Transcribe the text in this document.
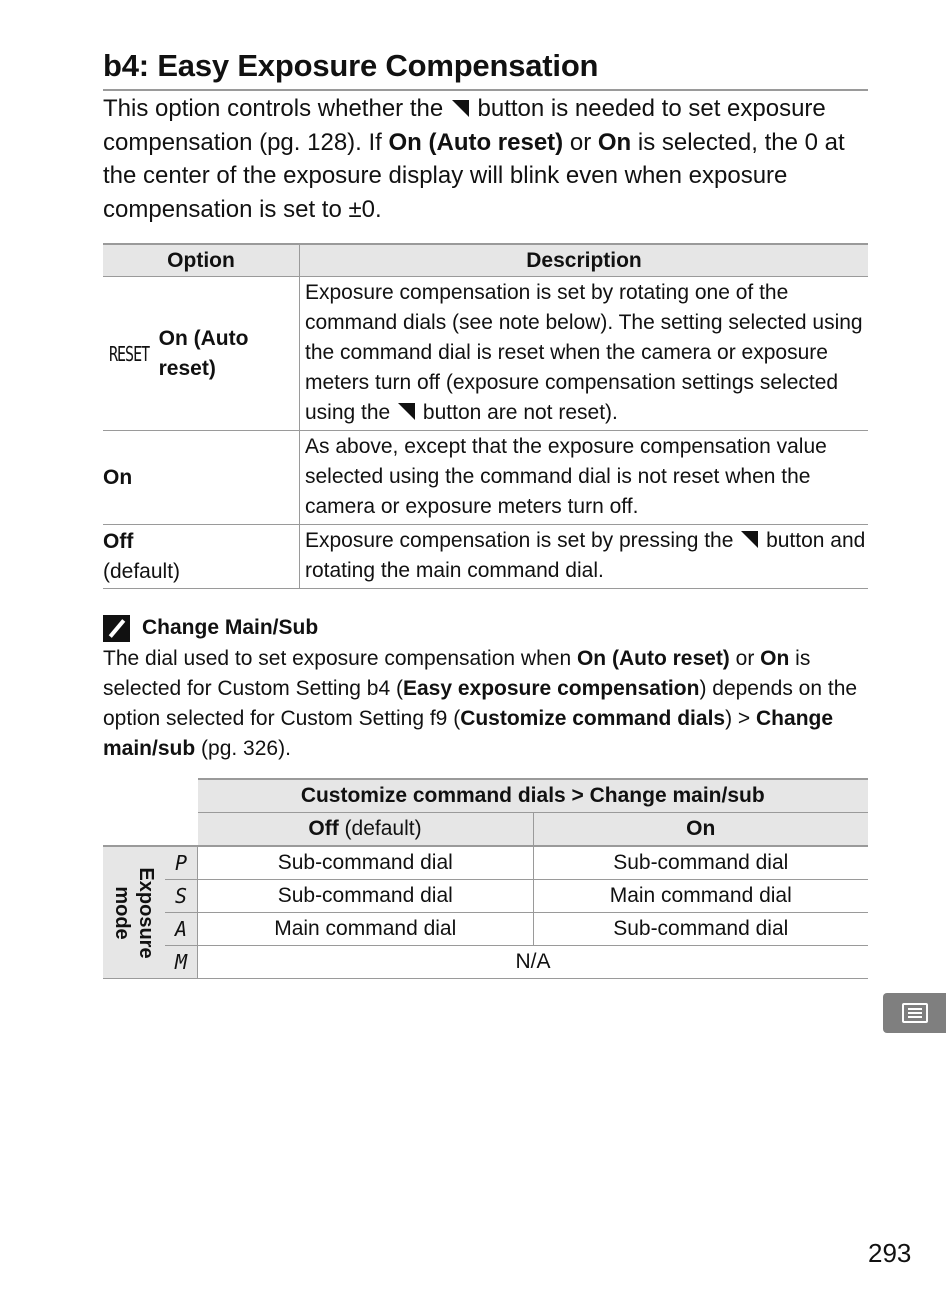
b4: Easy Exposure Compensation

This option controls whether the ± button is needed to set exposure compensation (pg. 128). If On (Auto reset) or On is selected, the 0 at the center of the exposure display will blink even when exposure compensation is set to ±0.

Option	Description

RESET
On (Auto reset)	Exposure compensation is set by rotating one of the command dials (see note below). The setting selected using the command dial is reset when the camera or exposure meters turn off (exposure compensation settings selected using the ± button are not reset).
On	As above, except that the exposure compensation value selected using the command dial is not reset when the camera or exposure meters turn off.
Off
(default)	Exposure compensation is set by pressing the ± button and rotating the main command dial.
Change Main/Sub
The dial used to set exposure compensation when On (Auto reset) or On is selected for Custom Setting b4 (Easy exposure compensation) depends on the option selected for Custom Setting f9 (Customize command dials) > Change main/sub (pg. 326).
		Customize command dials > Change main/sub	
		Off (default)	On

Exposure
mode	P	Sub-command dial	Sub-command dial
	S	Sub-command dial	Main command dial
	A	Main command dial	Sub-command dial
	M	N/A	
293
